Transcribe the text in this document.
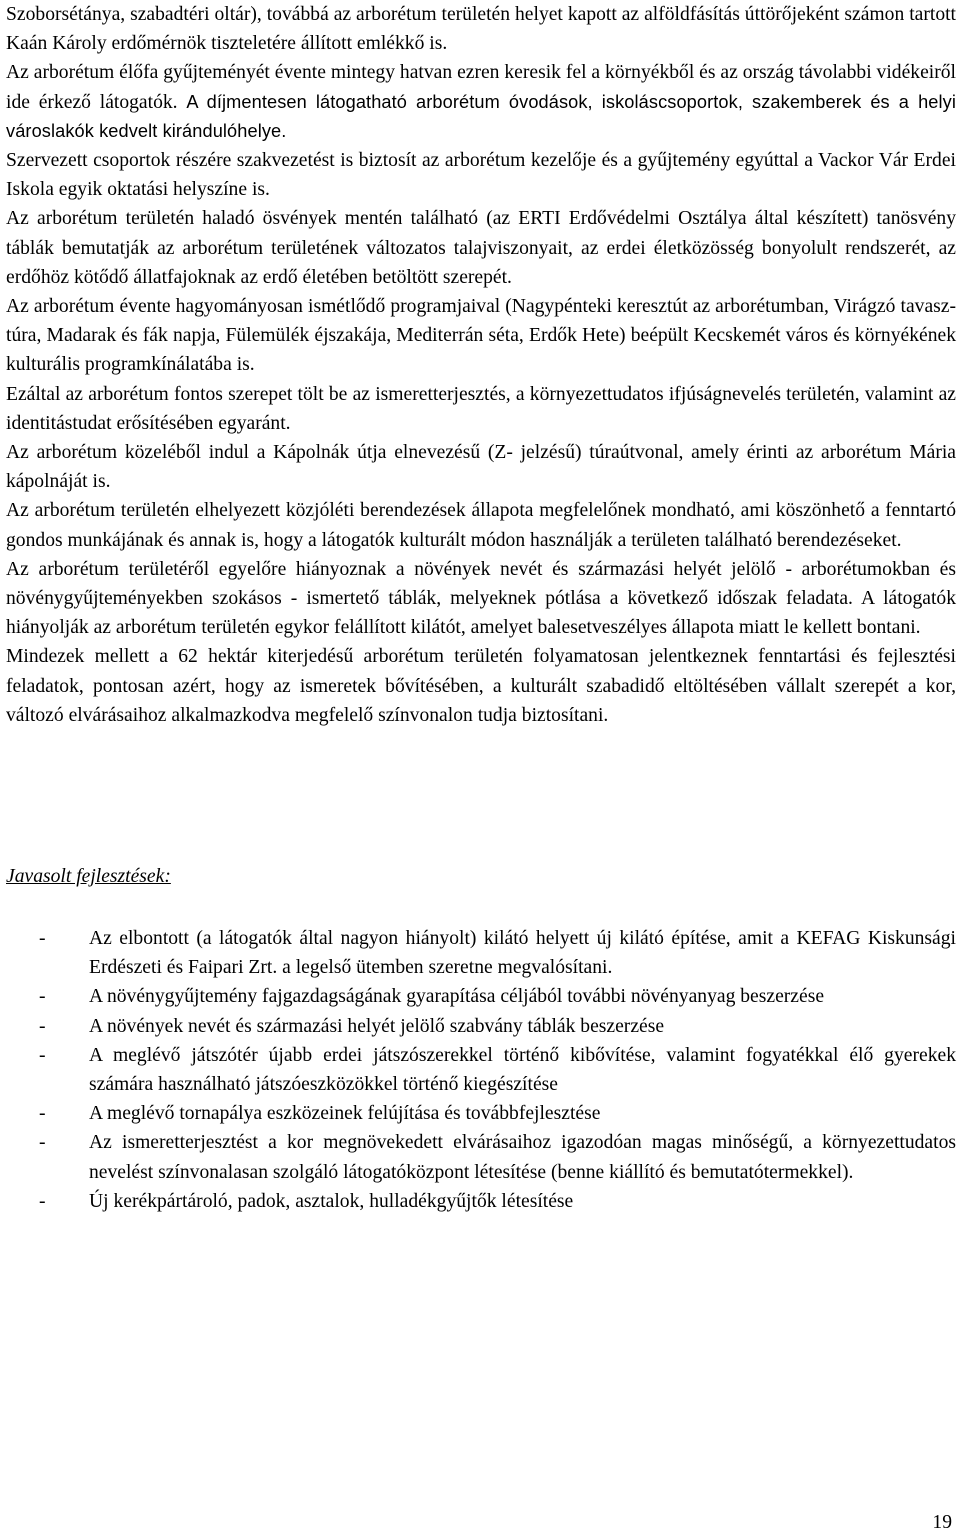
Szoborsétánya, szabadtéri oltár), továbbá az arborétum területén helyet kapott az alföldfásítás úttörőjeként számon tartott Kaán Károly erdőmérnök tiszteletére állított emlékkő is.

Az arborétum élőfa gyűjteményét évente mintegy hatvan ezren keresik fel a környékből és az ország távolabbi vidékeiről ide érkező látogatók. A díjmentesen látogatható arborétum óvodások, iskoláscsoportok, szakemberek és a helyi városlakók kedvelt kirándulóhelye.

Szervezett csoportok részére szakvezetést is biztosít az arborétum kezelője és a gyűjtemény egyúttal a Vackor Vár Erdei Iskola egyik oktatási helyszíne is.

Az arborétum területén haladó ösvények mentén található (az ERTI Erdővédelmi Osztálya által készített) tanösvény táblák bemutatják az arborétum területének változatos talajviszonyait, az erdei életközösség bonyolult rendszerét, az erdőhöz kötődő állatfajoknak az erdő életében betöltött szerepét.

Az arborétum évente hagyományosan ismétlődő programjaival (Nagypénteki keresztút az arborétumban, Virágzó tavasz-túra, Madarak és fák napja, Fülemülék éjszakája, Mediterrán séta, Erdők Hete) beépült Kecskemét város és környékének kulturális programkínálatába is.

Ezáltal az arborétum fontos szerepet tölt be az ismeretterjesztés, a környezettudatos ifjúságnevelés területén, valamint az identitástudat erősítésében egyaránt.

Az arborétum közeléből indul a Kápolnák útja elnevezésű (Z- jelzésű) túraútvonal, amely érinti az arborétum Mária kápolnáját is.

Az arborétum területén elhelyezett közjóléti berendezések állapota megfelelőnek mondható, ami köszönhető a fenntartó gondos munkájának és annak is, hogy a látogatók kulturált módon használják a területen található berendezéseket.

Az arborétum területéről egyelőre hiányoznak a növények nevét és származási helyét jelölő - arborétumokban és növénygyűjteményekben szokásos - ismertető táblák, melyeknek pótlása a következő időszak feladata. A látogatók hiányolják az arborétum területén egykor felállított kilátót, amelyet balesetveszélyes állapota miatt le kellett bontani.

Mindezek mellett a 62 hektár kiterjedésű arborétum területén folyamatosan jelentkeznek fenntartási és fejlesztési feladatok, pontosan azért, hogy az ismeretek bővítésében, a kulturált szabadidő eltöltésében vállalt szerepét a kor, változó elvárásaihoz alkalmazkodva megfelelő színvonalon tudja biztosítani.

Javasolt fejlesztések:

- Az elbontott (a látogatók által nagyon hiányolt) kilátó helyett új kilátó építése, amit a KEFAG Kiskunsági Erdészeti és Faipari Zrt. a legelső ütemben szeretne megvalósítani.
- A növénygyűjtemény fajgazdagságának gyarapítása céljából további növényanyag beszerzése
- A növények nevét és származási helyét jelölő szabvány táblák beszerzése
- A meglévő játszótér újabb erdei játszószerekkel történő kibővítése, valamint fogyatékkal élő gyerekek számára használható játszóeszközökkel történő kiegészítése
- A meglévő tornapálya eszközeinek felújítása és továbbfejlesztése
- Az ismeretterjesztést a kor megnövekedett elvárásaihoz igazodóan magas minőségű, a környezettudatos nevelést színvonalasan szolgáló látogatóközpont létesítése (benne kiállító és bemutatótermekkel).
- Új kerékpártároló, padok, asztalok, hulladékgyűjtők létesítése

19
